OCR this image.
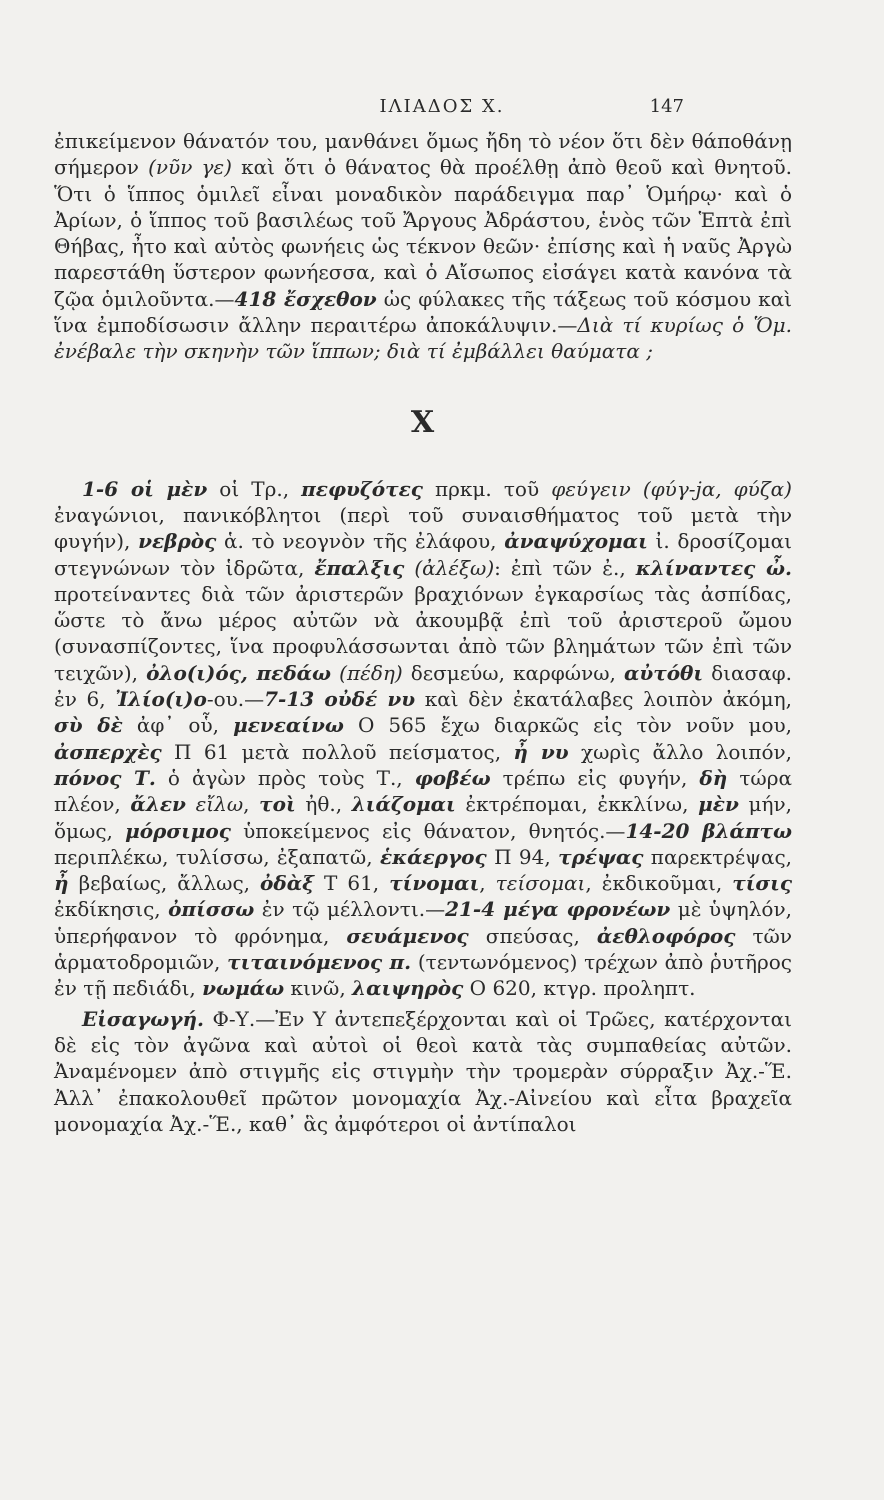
ΙΛΙΑΔΟΣ Χ.	147

ἐπικείμενον θάνατόν του, μανθάνει ὅμως ἤδη τὸ νέον ὅτι δὲν θάποθάνῃ σήμερον (νῦν γε) καὶ ὅτι ὁ θάνατος θὰ προέλθῃ ἀπὸ θεοῦ καὶ θνητοῦ. Ὅτι ὁ ἵππος ὁμιλεῖ εἶναι μοναδικὸν παράδειγμα παρ᾿ Ὁμήρῳ· καὶ ὁ Ἀρίων, ὁ ἵππος τοῦ βασιλέως τοῦ Ἄργους Ἀδράστου, ἑνὸς τῶν Ἑπτὰ ἐπὶ Θήβας, ἦτο καὶ αὐτὸς φωνήεις ὡς τέκνον θεῶν· ἐπίσης καὶ ἡ ναῦς Ἀργὼ παρεστάθη ὕστερον φωνήεσσα, καὶ ὁ Αἴσωπος εἰσάγει κατὰ κανόνα τὰ ζῷα ὁμιλοῦντα.—418 ἔσχεθον ὡς φύλακες τῆς τάξεως τοῦ κόσμου καὶ ἵνα ἐμποδίσωσιν ἄλλην περαιτέρω ἀποκάλυψιν.—Διὰ τί κυρίως ὁ Ὅμ. ἐνέβαλε τὴν σκηνὴν τῶν ἵππων; διὰ τί ἐμβάλλει θαύματα ;

Χ

1-6 οἱ μὲν οἱ Τρ., πεφυζότες πρκμ. τοῦ φεύγειν (φύγ-jα, φύζα) ἐναγώνιοι, πανικόβλητοι (περὶ τοῦ συναισθήματος τοῦ μετὰ τὴν φυγήν), νεβρὸς ἁ. τὸ νεογνὸν τῆς ἐλάφου, ἀναψύχομαι ἰ. δροσίζομαι στεγνώνων τὸν ἱδρῶτα, ἔπαλξις (ἀλέξω): ἐπὶ τῶν ἐ., κλίναντες ὦ. προτείναντες διὰ τῶν ἀριστερῶν βραχιόνων ἐγκαρσίως τὰς ἀσπίδας, ὥστε τὸ ἄνω μέρος αὐτῶν νὰ ἀκουμβᾷ ἐπὶ τοῦ ἀριστεροῦ ὤμου (συνασπίζοντες, ἵνα προφυλάσσωνται ἀπὸ τῶν βλημάτων τῶν ἐπὶ τῶν τειχῶν), ὀλο(ι)ός, πεδάω (πέδη) δεσμεύω, καρφώνω, αὐτόθι διασαφ. ἐν 6, Ἰλίο(ι)ο-ου.—7-13 οὐδέ νυ καὶ δὲν ἐκατάλαβες λοιπὸν ἀκόμη, σὺ δὲ ἀφ᾿ οὗ, μενεαίνω Ο 565 ἔχω διαρκῶς εἰς τὸν νοῦν μου, ἀσπερχὲς Π 61 μετὰ πολλοῦ πείσματος, ἦ νυ χωρὶς ἄλλο λοιπόν, πόνος Τ. ὁ ἀγὼν πρὸς τοὺς Τ., φοβέω τρέπω εἰς φυγήν, δὴ τώρα πλέον, ἄλεν εἴλω, τοὶ ἠθ., λιάζομαι ἐκτρέπομαι, ἐκκλίνω, μὲν μήν, ὅμως, μόρσιμος ὑποκείμενος εἰς θάνατον, θνητός.—14-20 βλάπτω περιπλέκω, τυλίσσω, ἐξαπατῶ, ἑκάεργος Π 94, τρέψας παρεκτρέψας, ἦ βεβαίως, ἄλλως, ὀδὰξ Τ 61, τίνομαι, τείσομαι, ἐκδικοῦμαι, τίσις ἐκδίκησις, ὀπίσσω ἐν τῷ μέλλοντι.—21-4 μέγα φρονέων μὲ ὑψηλόν, ὑπερήφανον τὸ φρόνημα, σευάμενος σπεύσας, ἀεθλοφόρος τῶν ἁρματοδρομιῶν, τιταινόμενος π. (τεντωνόμενος) τρέχων ἀπὸ ῥυτῆρος ἐν τῇ πεδιάδι, νωμάω κινῶ, λαιψηρὸς Ο 620, κτγρ. προληπτ.

Εἰσαγωγή. Φ-Υ.—Ἐν Υ ἀντεπεξέρχονται καὶ οἱ Τρῶες, κατέρχονται δὲ εἰς τὸν ἀγῶνα καὶ αὐτοὶ οἱ θεοὶ κατὰ τὰς συμπαθείας αὐτῶν. Ἀναμένομεν ἀπὸ στιγμῆς εἰς στιγμὴν τὴν τρομερὰν σύρραξιν Ἀχ.-Ἕ. Ἀλλ᾿ ἐπακολουθεῖ πρῶτον μονομαχία Ἀχ.-Αἰνείου καὶ εἶτα βραχεῖα μονομαχία Ἀχ.-Ἕ., καθ᾿ ἃς ἀμφότεροι οἱ ἀντίπαλοι
